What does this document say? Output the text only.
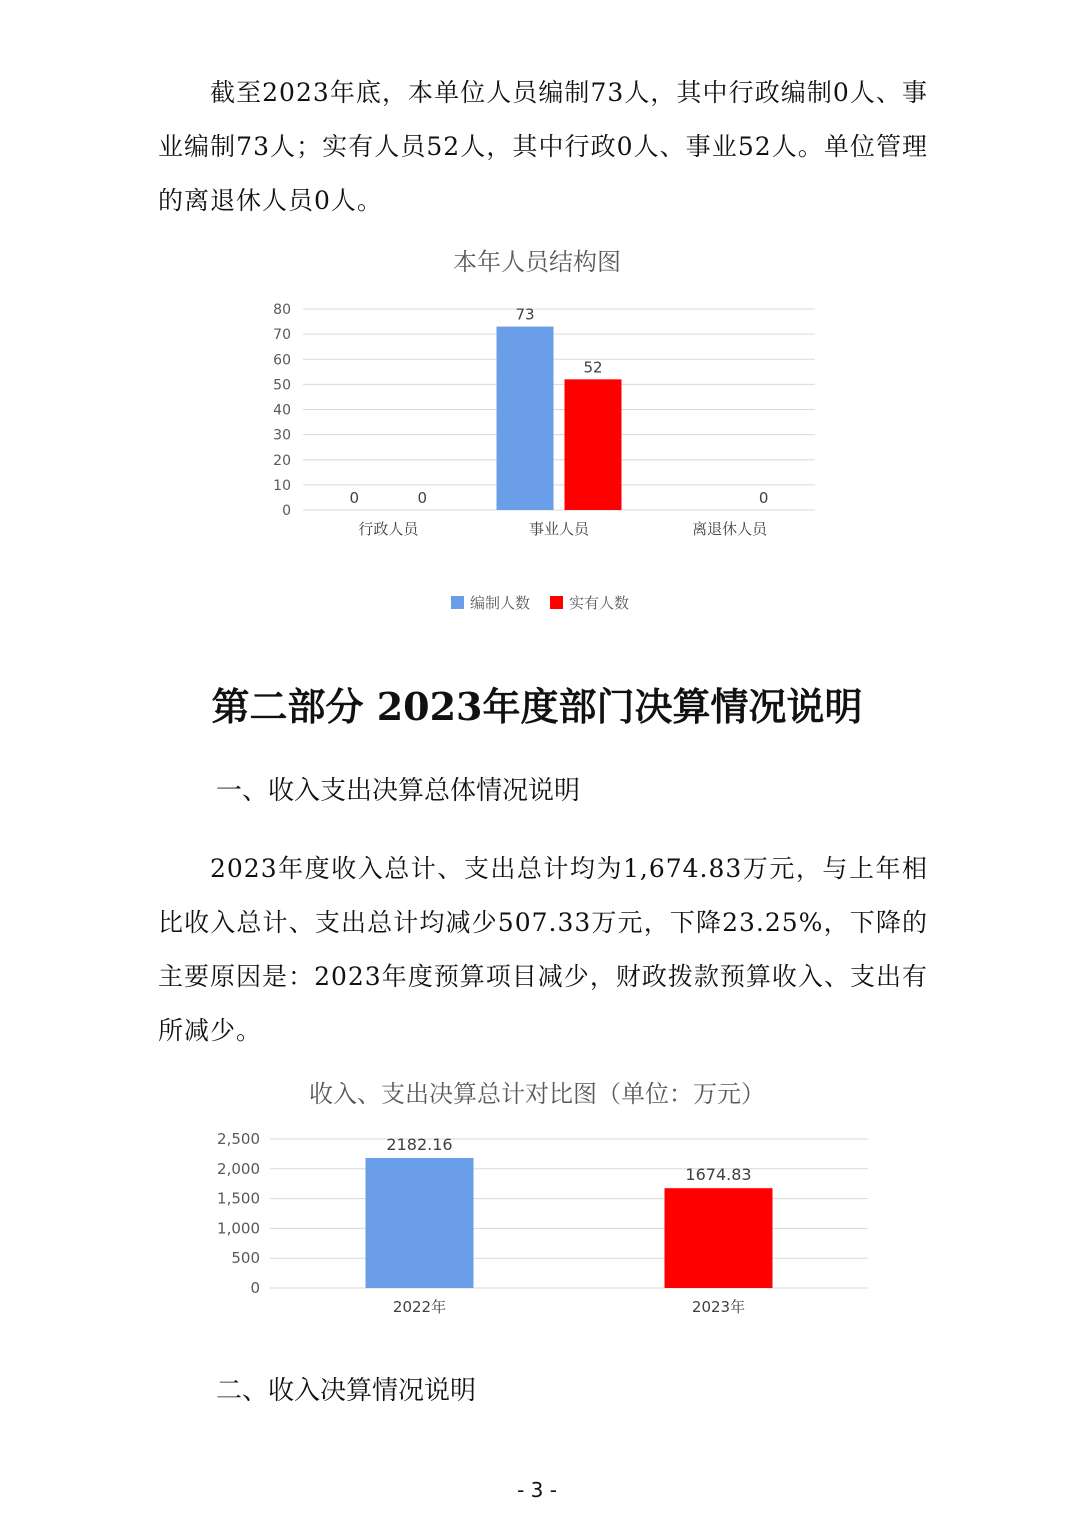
截至2023年底，本单位人员编制73人，其中行政编制0人、事业编制73人；实有人员52人，其中行政0人、事业52人。单位管理的离退休人员0人。

本年人员结构图
0
10
20
30
40
50
60
70
80
行政人员
0	0
事业人员
73
52
离退休人员
0
编制人数	实有人数
第二部分 2023年度部门决算情况说明
一、收入支出决算总体情况说明

2023年度收入总计、支出总计均为1,674.83万元，与上年相比收入总计、支出总计均减少507.33万元，下降23.25%，下降的主要原因是：2023年度预算项目减少，财政拨款预算收入、支出有所减少。

收入、支出决算总计对比图（单位：万元）
0
500
1,000
1,500
2,000
2,500	2182.16
2022年
1674.83
2023年
二、收入决算情况说明
- 3 -
